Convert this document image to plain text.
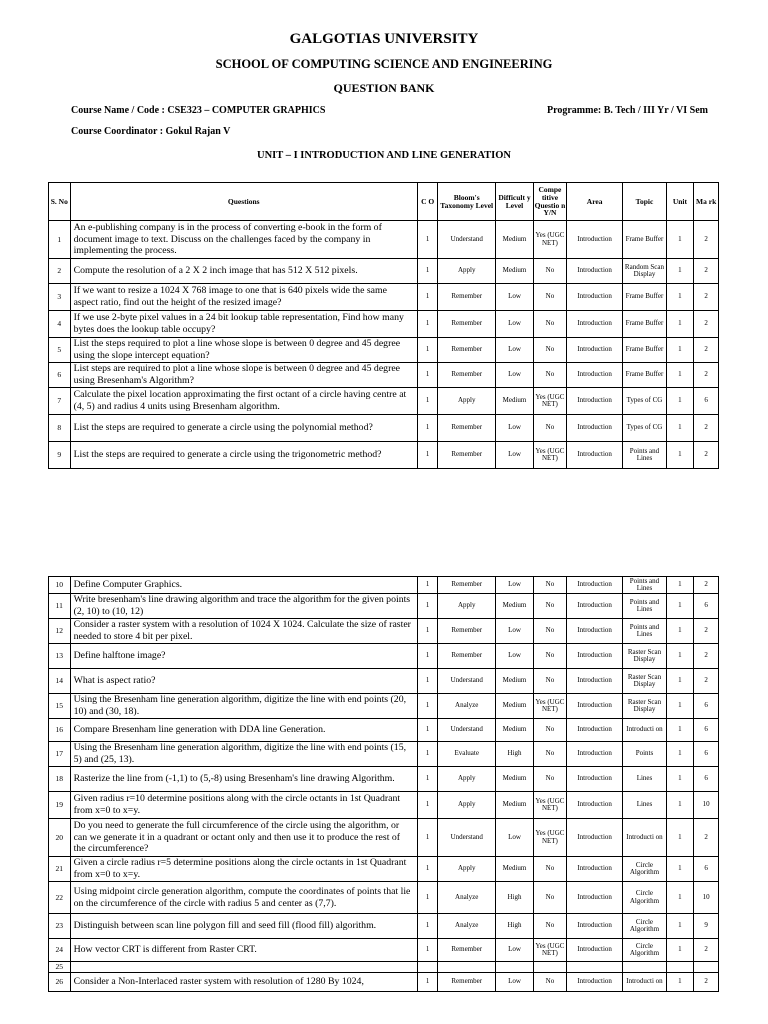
GALGOTIAS UNIVERSITY
SCHOOL OF COMPUTING SCIENCE AND ENGINEERING
QUESTION BANK
Course Name / Code : CSE323 – COMPUTER GRAPHICS	Programme: B. Tech / III Yr / VI Sem
Course Coordinator : Gokul Rajan V
UNIT – I INTRODUCTION AND LINE GENERATION
S. No	Questions	C O	Bloom's Taxonomy Level	Difficult y Level	Compe titive Questio n Y/N	Area	Topic	Unit	Ma rk
1	An e-publishing company is in the process of converting e-book in the form of document image to text. Discuss on the challenges faced by the company in implementing the process.	1	Understand	Medium	Yes (UGC NET)	Introduction	Frame Buffer	1	2
2	Compute the resolution of a 2 X 2 inch image that has 512 X 512 pixels.	1	Apply	Medium	No	Introduction	Random Scan Display	1	2
3	If we want to resize a 1024 X 768 image to one that is 640 pixels wide the same aspect ratio, find out the height of the resized image?	1	Remember	Low	No	Introduction	Frame Buffer	1	2
4	If we use 2-byte pixel values in a 24 bit lookup table representation, Find how many bytes does the lookup table occupy?	1	Remember	Low	No	Introduction	Frame Buffer	1	2
5	List the steps required to plot a line whose slope is between 0 degree and 45 degree using the slope intercept equation?	1	Remember	Low	No	Introduction	Frame Buffer	1	2
6	List steps are required to plot a line whose slope is between 0 degree and 45 degree using Bresenham's Algorithm?	1	Remember	Low	No	Introduction	Frame Buffer	1	2
7	Calculate the pixel location approximating the first octant of a circle having centre at (4, 5) and radius 4 units using Bresenham algorithm.	1	Apply	Medium	Yes (UGC NET)	Introduction	Types of CG	1	6
8	List the steps are required to generate a circle using the polynomial method?	1	Remember	Low	No	Introduction	Types of CG	1	2
9	List the steps are required to generate a circle using the trigonometric method?	1	Remember	Low	Yes (UGC NET)	Introduction	Points and Lines	1	2
10	Define Computer Graphics.	1	Remember	Low	No	Introduction	Points and Lines	1	2
11	Write bresenham's line drawing algorithm and trace the algorithm for the given points (2, 10) to (10, 12)	1	Apply	Medium	No	Introduction	Points and Lines	1	6
12	Consider a raster system with a resolution of 1024 X 1024. Calculate the size of raster needed to store 4 bit per pixel.	1	Remember	Low	No	Introduction	Points and Lines	1	2
13	Define halftone image?	1	Remember	Low	No	Introduction	Raster Scan Display	1	2
14	What is aspect ratio?	1	Understand	Medium	No	Introduction	Raster Scan Display	1	2
15	Using the Bresenham line generation algorithm, digitize the line with end points (20, 10) and (30, 18).	1	Analyze	Medium	Yes (UGC NET)	Introduction	Raster Scan Display	1	6
16	Compare Bresenham line generation with DDA line Generation.	1	Understand	Medium	No	Introduction	Introducti on	1	6
17	Using the Bresenham line generation algorithm, digitize the line with end points (15, 5) and (25, 13).	1	Evaluate	High	No	Introduction	Points	1	6
18	Rasterize the line from (-1,1) to (5,-8) using Bresenham's line drawing Algorithm.	1	Apply	Medium	No	Introduction	Lines	1	6
19	Given radius r=10 determine positions along with the circle octants in 1st Quadrant from x=0 to x=y.	1	Apply	Medium	Yes (UGC NET)	Introduction	Lines	1	10
20	Do you need to generate the full circumference of the circle using the algorithm, or can we generate it in a quadrant or octant only and then use it to produce the rest of the circumference?	1	Understand	Low	Yes (UGC NET)	Introduction	Introducti on	1	2
21	Given a circle radius r=5 determine positions along the circle octants in 1st Quadrant from x=0 to x=y.	1	Apply	Medium	No	Introduction	Circle Algorithm	1	6
22	Using midpoint circle generation algorithm, compute the coordinates of points that lie on the circumference of the circle with radius 5 and center as (7,7).	1	Analyze	High	No	Introduction	Circle Algorithm	1	10
23	Distinguish between scan line polygon fill and seed fill (flood fill) algorithm.	1	Analyze	High	No	Introduction	Circle Algorithm	1	9
24	How vector CRT is different from Raster CRT.	1	Remember	Low	Yes (UGC NET)	Introduction	Circle Algorithm	1	2
25									
26	Consider a Non-Interlaced raster system with resolution of 1280 By 1024,	1	Remember	Low	No	Introduction	Introducti on	1	2
